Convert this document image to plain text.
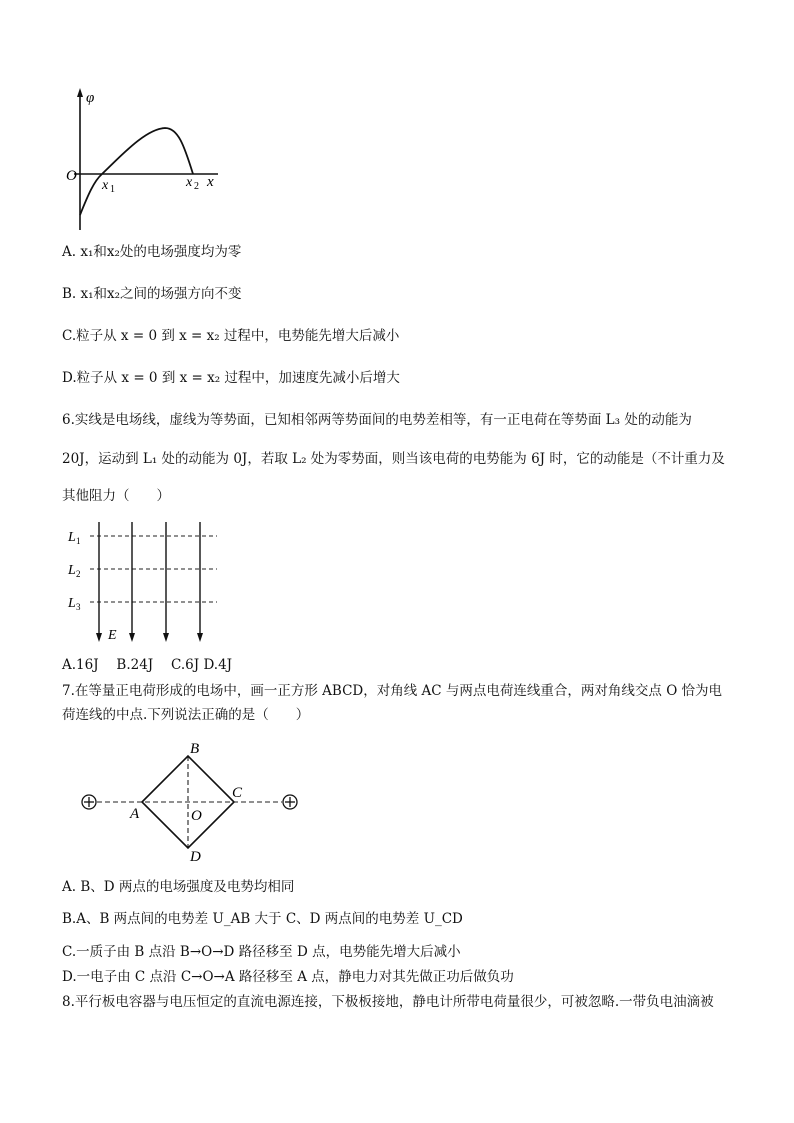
φ
O
x 1	x 2 x
A. x₁和x₂处的电场强度均为零
B. x₁和x₂之间的场强方向不变
C.粒子从 x = 0 到 x = x₂ 过程中，电势能先增大后减小
D.粒子从 x = 0 到 x = x₂ 过程中，加速度先减小后增大
6.实线是电场线，虚线为等势面，已知相邻两等势面间的电势差相等，有一正电荷在等势面 L₃ 处的动能为
20J，运动到 L₁ 处的动能为 0J，若取 L₂ 处为零势面，则当该电荷的电势能为 6J 时，它的动能是（不计重力及
其他阻力（　　）
L 1
L 2
L 3
E
A.16J　 B.24J　 C.6J D.4J
7.在等量正电荷形成的电场中，画一正方形 ABCD，对角线 AC 与两点电荷连线重合，两对角线交点 O 恰为电
荷连线的中点.下列说法正确的是（　　）
B
A
C
O
D
A. B、D 两点的电场强度及电势均相同
B.A、B 两点间的电势差 U_AB 大于 C、D 两点间的电势差 U_CD
C.一质子由 B 点沿 B→O→D 路径移至 D 点，电势能先增大后减小
D.一电子由 C 点沿 C→O→A 路径移至 A 点，静电力对其先做正功后做负功
8.平行板电容器与电压恒定的直流电源连接，下极板接地，静电计所带电荷量很少，可被忽略.一带负电油滴被
